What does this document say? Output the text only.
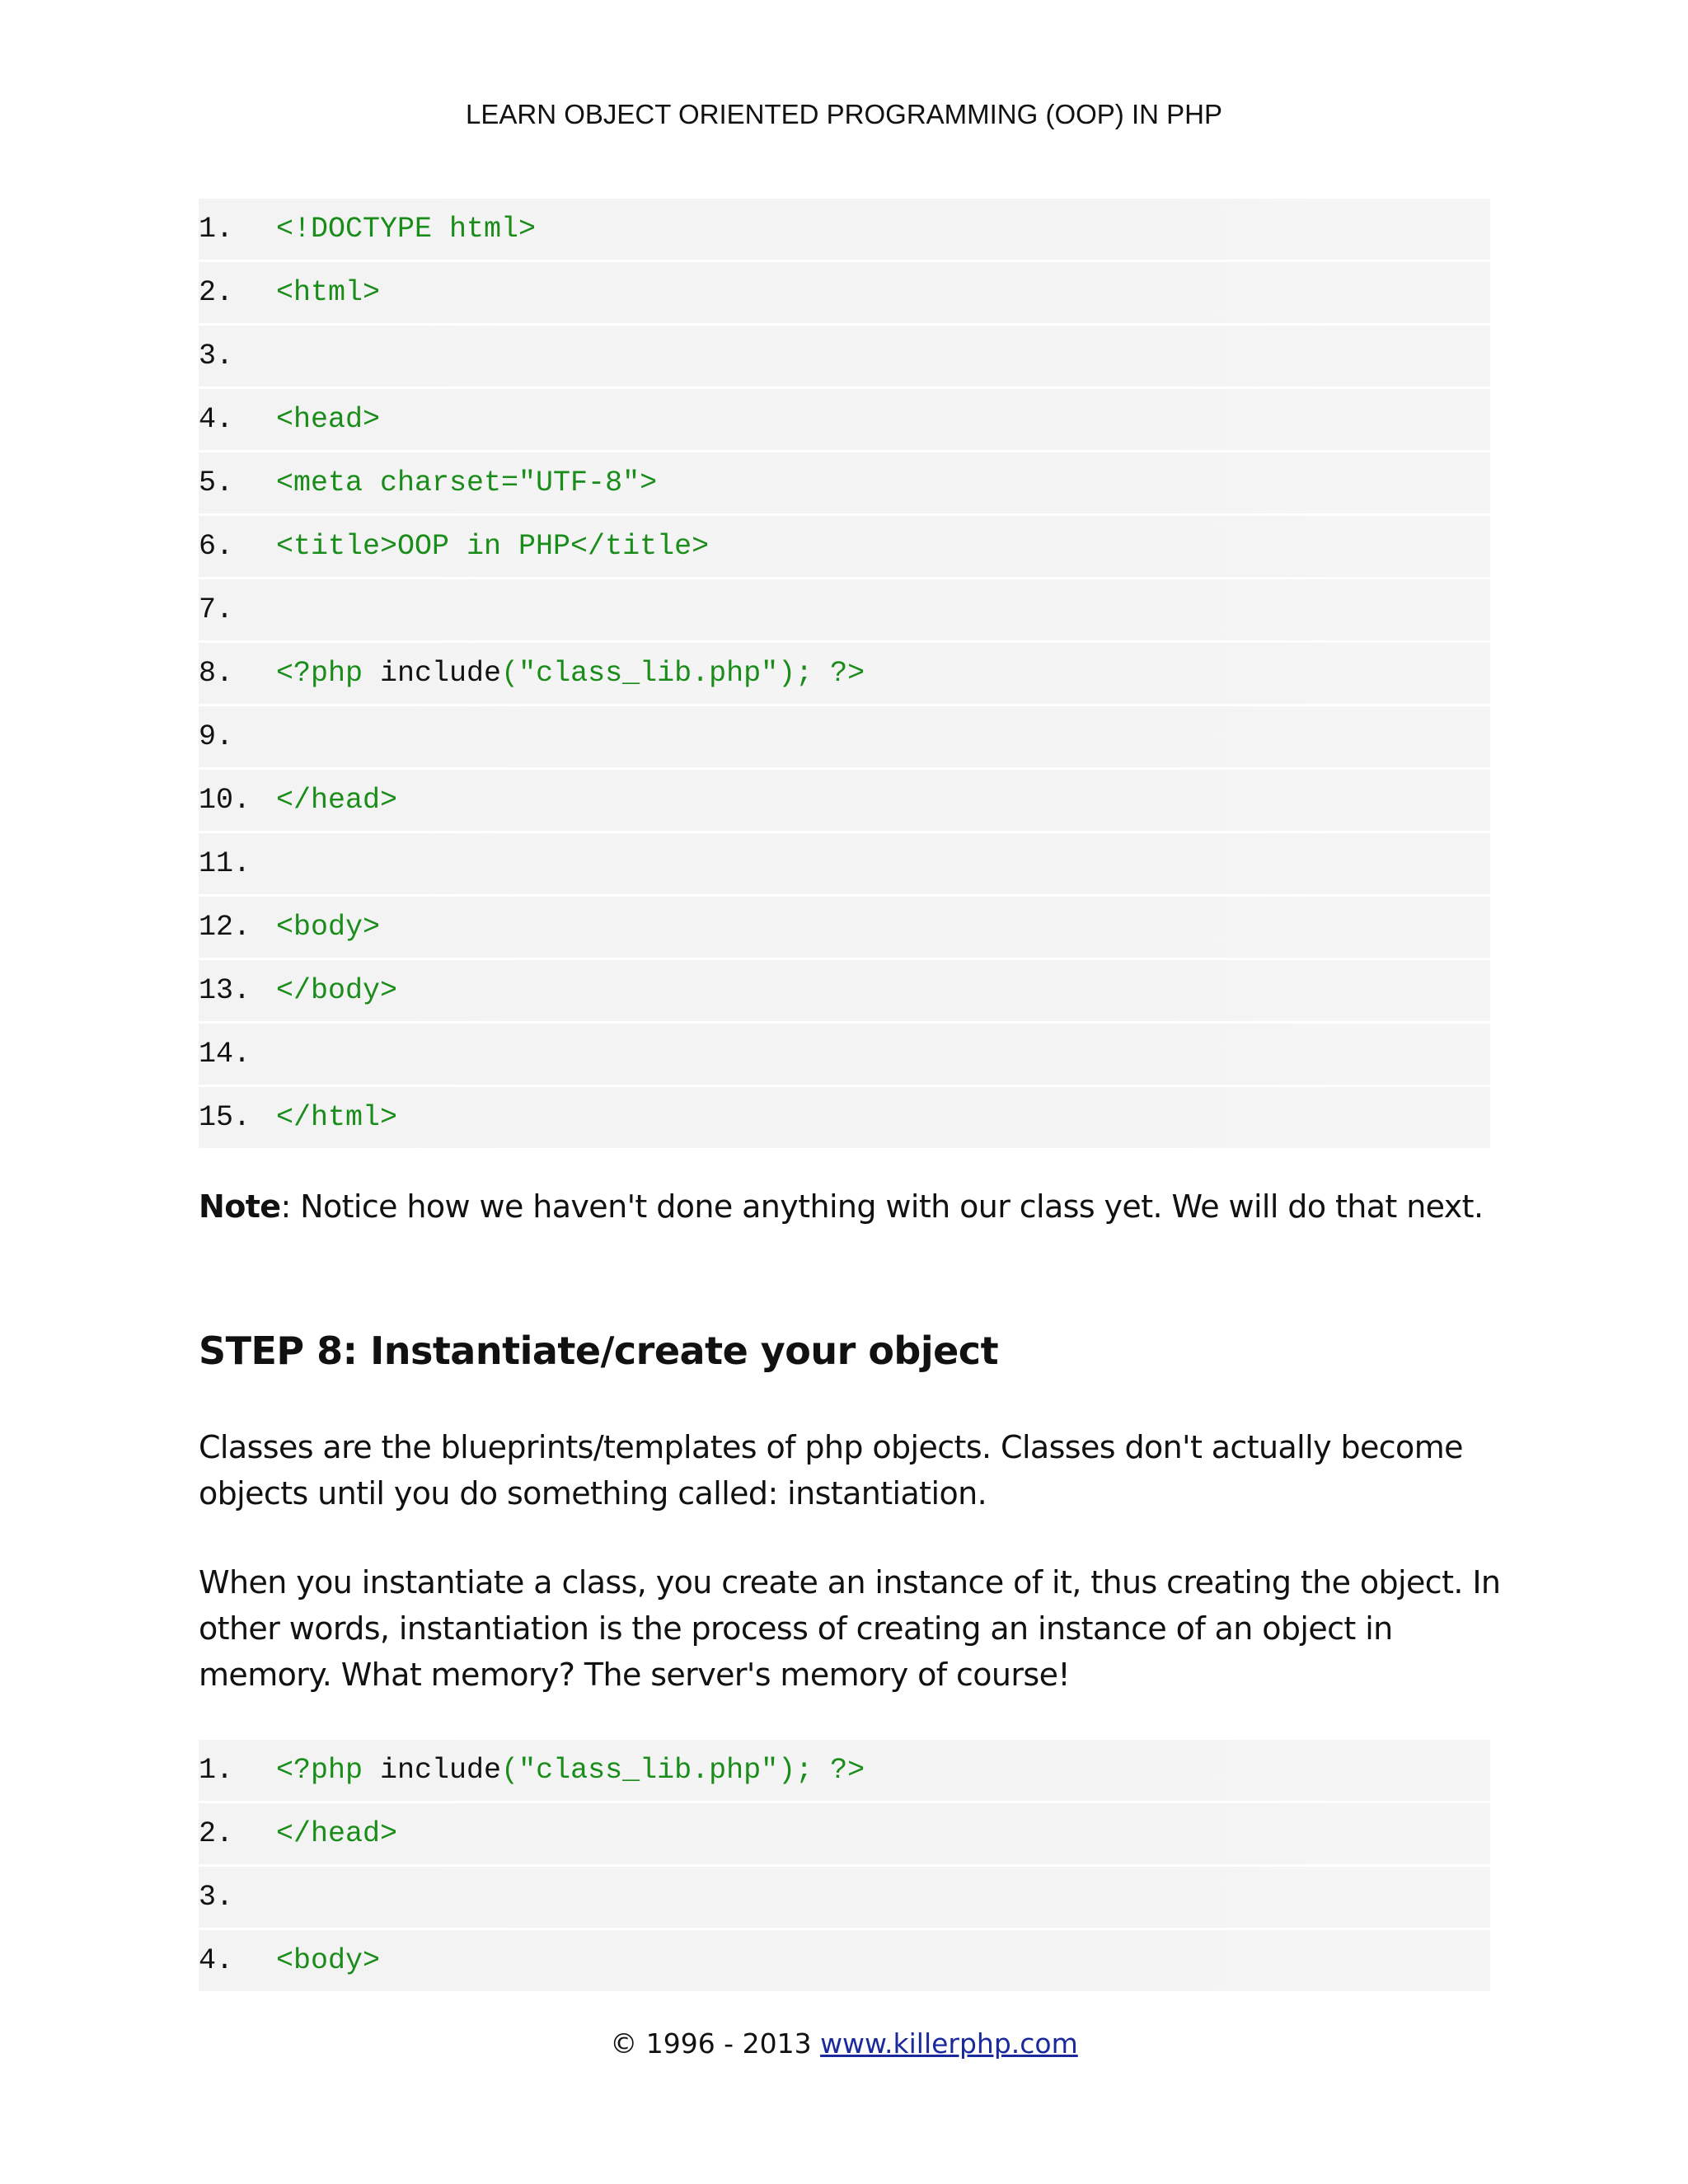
LEARN OBJECT ORIENTED PROGRAMMING (OOP) IN PHP
1.	<!DOCTYPE html>
2.	<html>
3.
4.	<head>
5.	<meta charset="UTF-8">
6.	<title>OOP in PHP</title>
7.
8.	<?php include ("class_lib.php"); ?>
9.
10. </head>
11.
12. <body>
13. </body>
14.
15. </html>

Note: Notice how we haven't done anything with our class yet. We will do that next.

STEP 8: Instantiate/create your object

Classes are the blueprints/templates of php objects. Classes don't actually become objects until you do something called: instantiation.

When you instantiate a class, you create an instance of it, thus creating the object. In other words, instantiation is the process of creating an instance of an object in memory. What memory? The server's memory of course!

1.	<?php include ("class_lib.php"); ?>
2.	</head>
3.
4.	<body>
© 1996 - 2013 www.killerphp.com
